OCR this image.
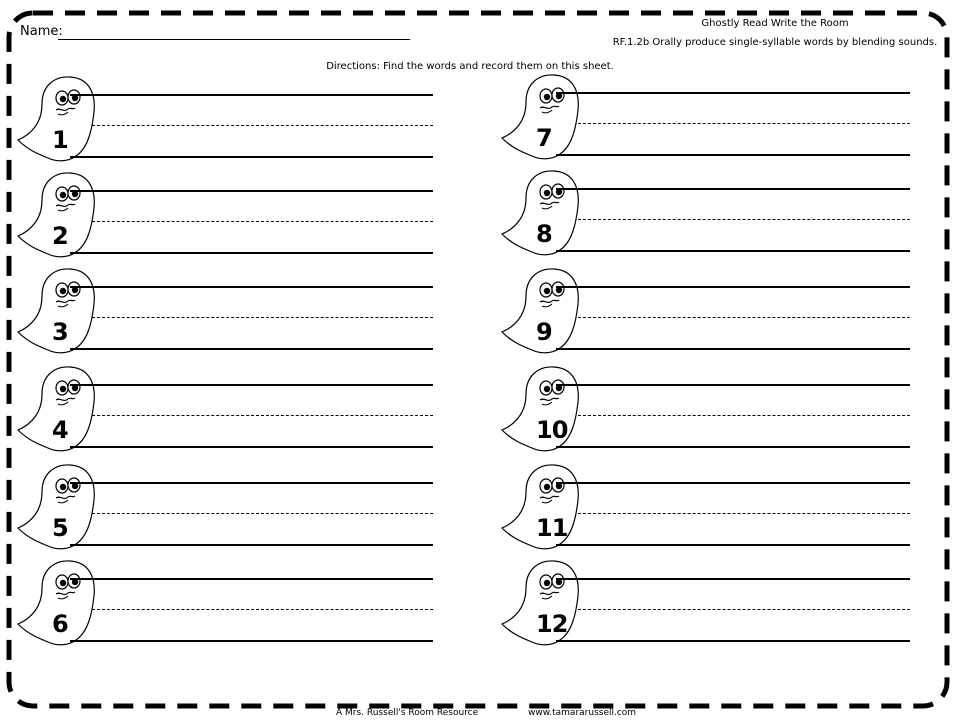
Name:
Ghostly Read Write the Room
RF.1.2b Orally produce single-syllable words by blending sounds.
Directions: Find the words and record them on this sheet.
1
2
3
4
5
6
7
8
9
10
11
12
A Mrs. Russell's Room Resource	www.tamararussell.com
